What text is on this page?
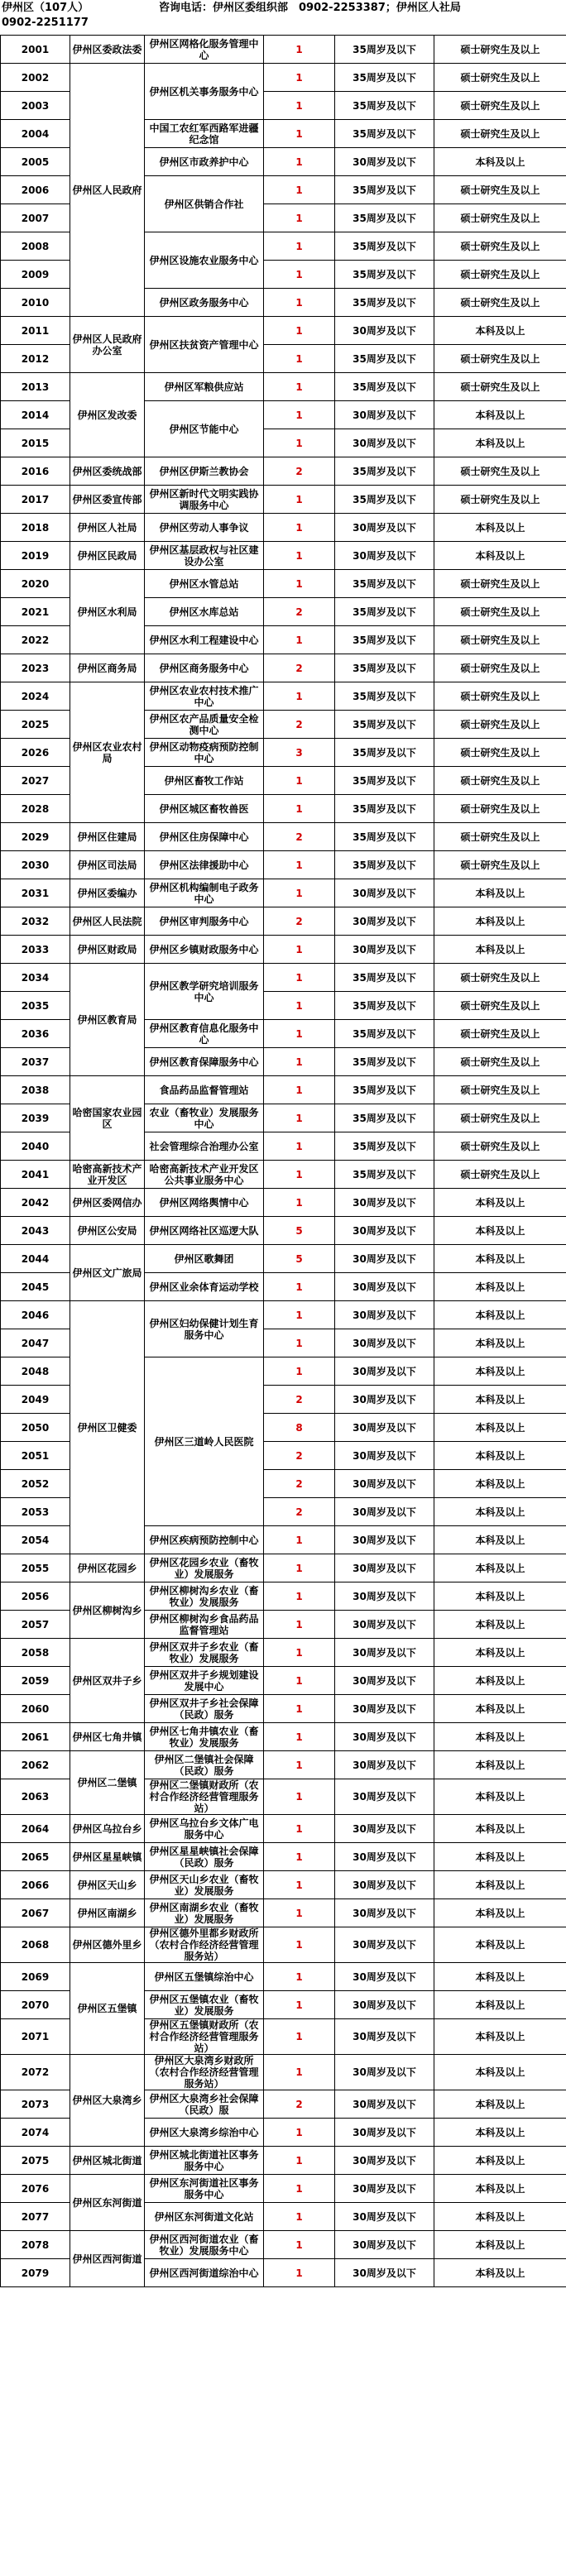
伊州区（107人）	咨询电话：伊州区委组织部　0902-2253387；伊州区人社局
0902-2251177
2001	伊州区委政法委	伊州区网格化服务管理中心	1	35周岁及以下	硕士研究生及以上
2002	伊州区人民政府	伊州区机关事务服务中心	1	35周岁及以下	硕士研究生及以上
2003			1	35周岁及以下	硕士研究生及以上
2004		中国工农红军西路军进疆纪念馆	1	35周岁及以下	硕士研究生及以上
2005		伊州区市政养护中心	1	30周岁及以下	本科及以上
2006		伊州区供销合作社	1	35周岁及以下	硕士研究生及以上
2007			1	35周岁及以下	硕士研究生及以上
2008		伊州区设施农业服务中心	1	35周岁及以下	硕士研究生及以上
2009			1	35周岁及以下	硕士研究生及以上
2010		伊州区政务服务中心	1	35周岁及以下	硕士研究生及以上
2011	伊州区人民政府办公室	伊州区扶贫资产管理中心	1	30周岁及以下	本科及以上
2012			1	35周岁及以下	硕士研究生及以上
2013	伊州区发改委	伊州区军粮供应站	1	35周岁及以下	硕士研究生及以上
2014		伊州区节能中心	1	30周岁及以下	本科及以上
2015			1	30周岁及以下	本科及以上
2016	伊州区委统战部	伊州区伊斯兰教协会	2	35周岁及以下	硕士研究生及以上
2017	伊州区委宣传部	伊州区新时代文明实践协调服务中心	1	35周岁及以下	硕士研究生及以上
2018	伊州区人社局	伊州区劳动人事争议	1	30周岁及以下	本科及以上
2019	伊州区民政局	伊州区基层政权与社区建设办公室	1	30周岁及以下	本科及以上
2020	伊州区水利局	伊州区水管总站	1	35周岁及以下	硕士研究生及以上
2021		伊州区水库总站	2	35周岁及以下	硕士研究生及以上
2022		伊州区水利工程建设中心	1	35周岁及以下	硕士研究生及以上
2023	伊州区商务局	伊州区商务服务中心	2	35周岁及以下	硕士研究生及以上
2024	伊州区农业农村局	伊州区农业农村技术推广中心	1	35周岁及以下	硕士研究生及以上
2025		伊州区农产品质量安全检测中心	2	35周岁及以下	硕士研究生及以上
2026		伊州区动物疫病预防控制中心	3	35周岁及以下	硕士研究生及以上
2027		伊州区畜牧工作站	1	35周岁及以下	硕士研究生及以上
2028		伊州区城区畜牧兽医	1	35周岁及以下	硕士研究生及以上
2029	伊州区住建局	伊州区住房保障中心	2	35周岁及以下	硕士研究生及以上
2030	伊州区司法局	伊州区法律援助中心	1	35周岁及以下	硕士研究生及以上
2031	伊州区委编办	伊州区机构编制电子政务中心	1	30周岁及以下	本科及以上
2032	伊州区人民法院	伊州区审判服务中心	2	30周岁及以下	本科及以上
2033	伊州区财政局	伊州区乡镇财政服务中心	1	30周岁及以下	本科及以上
2034	伊州区教育局	伊州区教学研究培训服务中心	1	35周岁及以下	硕士研究生及以上
2035			1	35周岁及以下	硕士研究生及以上
2036		伊州区教育信息化服务中心	1	35周岁及以下	硕士研究生及以上
2037		伊州区教育保障服务中心	1	35周岁及以下	硕士研究生及以上
2038	哈密国家农业园区	食品药品监督管理站	1	35周岁及以下	硕士研究生及以上
2039		农业（畜牧业）发展服务中心	1	35周岁及以下	硕士研究生及以上
2040		社会管理综合治理办公室	1	35周岁及以下	硕士研究生及以上
2041	哈密高新技术产业开发区	哈密高新技术产业开发区公共事业服务中心	1	35周岁及以下	硕士研究生及以上
2042	伊州区委网信办	伊州区网络舆情中心	1	30周岁及以下	本科及以上
2043	伊州区公安局	伊州区网络社区巡逻大队	5	30周岁及以下	本科及以上
2044	伊州区文广旅局	伊州区歌舞团	5	30周岁及以下	本科及以上
2045		伊州区业余体育运动学校	1	30周岁及以下	本科及以上
2046	伊州区卫健委	伊州区妇幼保健计划生育服务中心	1	30周岁及以下	本科及以上
2047			1	30周岁及以下	本科及以上
2048		伊州区三道岭人民医院	1	30周岁及以下	本科及以上
2049			2	30周岁及以下	本科及以上
2050			8	30周岁及以下	本科及以上
2051			2	30周岁及以下	本科及以上
2052			2	30周岁及以下	本科及以上
2053			2	30周岁及以下	本科及以上
2054		伊州区疾病预防控制中心	1	30周岁及以下	本科及以上
2055	伊州区花园乡	伊州区花园乡农业（畜牧业）发展服务	1	30周岁及以下	本科及以上
2056	伊州区柳树沟乡	伊州区柳树沟乡农业（畜牧业）发展服务	1	30周岁及以下	本科及以上
2057		伊州区柳树沟乡食品药品监督管理站	1	30周岁及以下	本科及以上
2058	伊州区双井子乡	伊州区双井子乡农业（畜牧业）发展服务	1	30周岁及以下	本科及以上
2059		伊州区双井子乡规划建设发展中心	1	30周岁及以下	本科及以上
2060		伊州区双井子乡社会保障（民政）服务	1	30周岁及以下	本科及以上
2061	伊州区七角井镇	伊州区七角井镇农业（畜牧业）发展服务	1	30周岁及以下	本科及以上
2062	伊州区二堡镇	伊州区二堡镇社会保障（民政）服务	1	30周岁及以下	本科及以上
2063		伊州区二堡镇财政所（农村合作经济经营管理服务站）	1	30周岁及以下	本科及以上
2064	伊州区乌拉台乡	伊州区乌拉台乡文体广电服务中心	1	30周岁及以下	本科及以上
2065	伊州区星星峡镇	伊州区星星峡镇社会保障（民政）服务	1	30周岁及以下	本科及以上
2066	伊州区天山乡	伊州区天山乡农业（畜牧业）发展服务	1	30周岁及以下	本科及以上
2067	伊州区南湖乡	伊州区南湖乡农业（畜牧业）发展服务	1	30周岁及以下	本科及以上
2068	伊州区德外里乡	伊州区德外里都乡财政所（农村合作经济经营管理服务站）	1	30周岁及以下	本科及以上
2069	伊州区五堡镇	伊州区五堡镇综治中心	1	30周岁及以下	本科及以上
2070		伊州区五堡镇农业（畜牧业）发展服务	1	30周岁及以下	本科及以上
2071		伊州区五堡镇财政所（农村合作经济经营管理服务站）	1	30周岁及以下	本科及以上
2072	伊州区大泉湾乡	伊州区大泉湾乡财政所（农村合作经济经营管理服务站）	1	30周岁及以下	本科及以上
2073		伊州区大泉湾乡社会保障（民政）服	2	30周岁及以下	本科及以上
2074		伊州区大泉湾乡综治中心	1	30周岁及以下	本科及以上
2075	伊州区城北街道	伊州区城北街道社区事务服务中心	1	30周岁及以下	本科及以上
2076	伊州区东河街道	伊州区东河街道社区事务服务中心	1	30周岁及以下	本科及以上
2077		伊州区东河街道文化站	1	30周岁及以下	本科及以上
2078	伊州区西河街道	伊州区西河街道农业（畜牧业）发展服务中心	1	30周岁及以下	本科及以上
2079		伊州区西河街道综治中心	1	30周岁及以下	本科及以上
